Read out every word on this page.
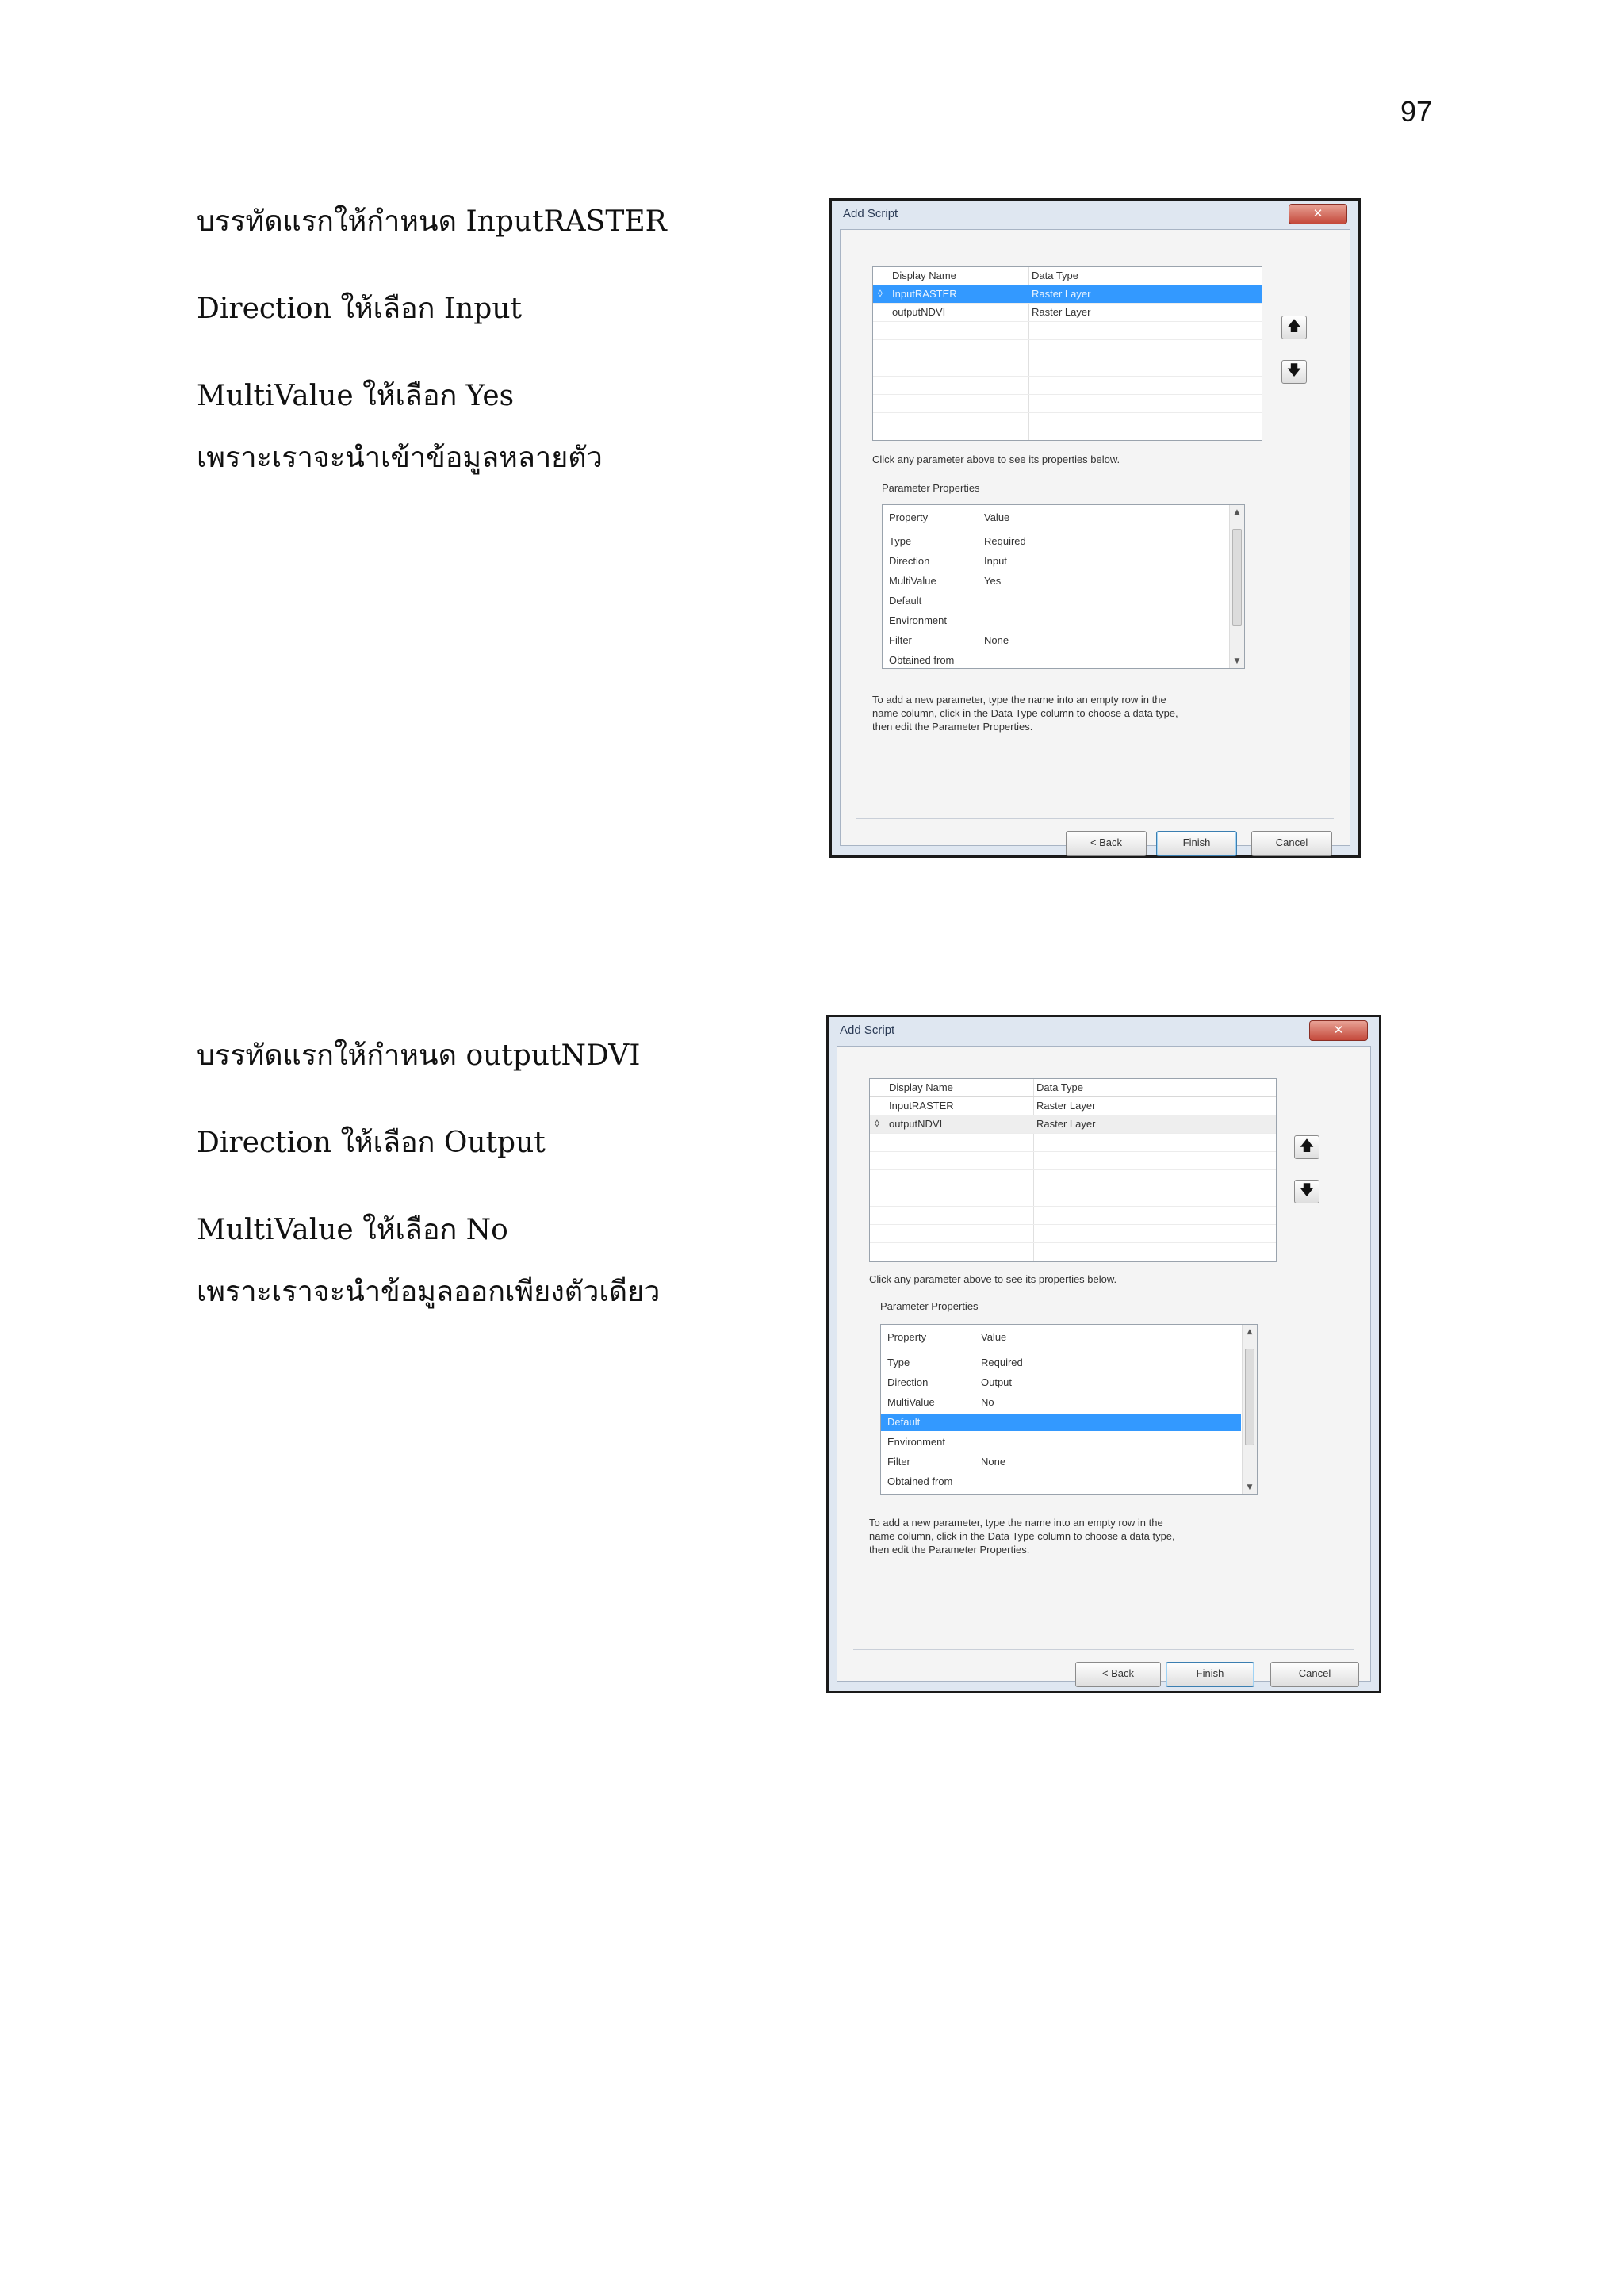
97

บรรทัดแรกให้กำหนด InputRASTER

Direction ให้เลือก Input

MultiValue ให้เลือก Yes

เพราะเราจะนำเข้าข้อมูลหลายตัว

บรรทัดแรกให้กำหนด outputNDVI

Direction ให้เลือก Output

MultiValue ให้เลือก No

เพราะเราจะนำข้อมูลออกเพียงตัวเดียว

Add Script	✕
Display Name	Data Type
◊ InputRASTER	Raster Layer
outputNDVI	Raster Layer
🡅
🡇
Click any parameter above to see its properties below.
Parameter Properties
Property	Value
Type	Required
Direction	Input
MultiValue	Yes
Default
Environment
Filter	None
Obtained from
▲
▼
To add a new parameter, type the name into an empty row in the
name column, click in the Data Type column to choose a data type,
then edit the Parameter Properties.
< Back	Finish	Cancel
Add Script	✕
Display Name	Data Type
InputRASTER	Raster Layer
◊ outputNDVI	Raster Layer
🡅
🡇
Click any parameter above to see its properties below.
Parameter Properties
Property	Value
Type	Required
Direction	Output
MultiValue	No
Default
Environment
Filter	None
Obtained from
▲
▼
To add a new parameter, type the name into an empty row in the
name column, click in the Data Type column to choose a data type,
then edit the Parameter Properties.
< Back	Finish	Cancel
